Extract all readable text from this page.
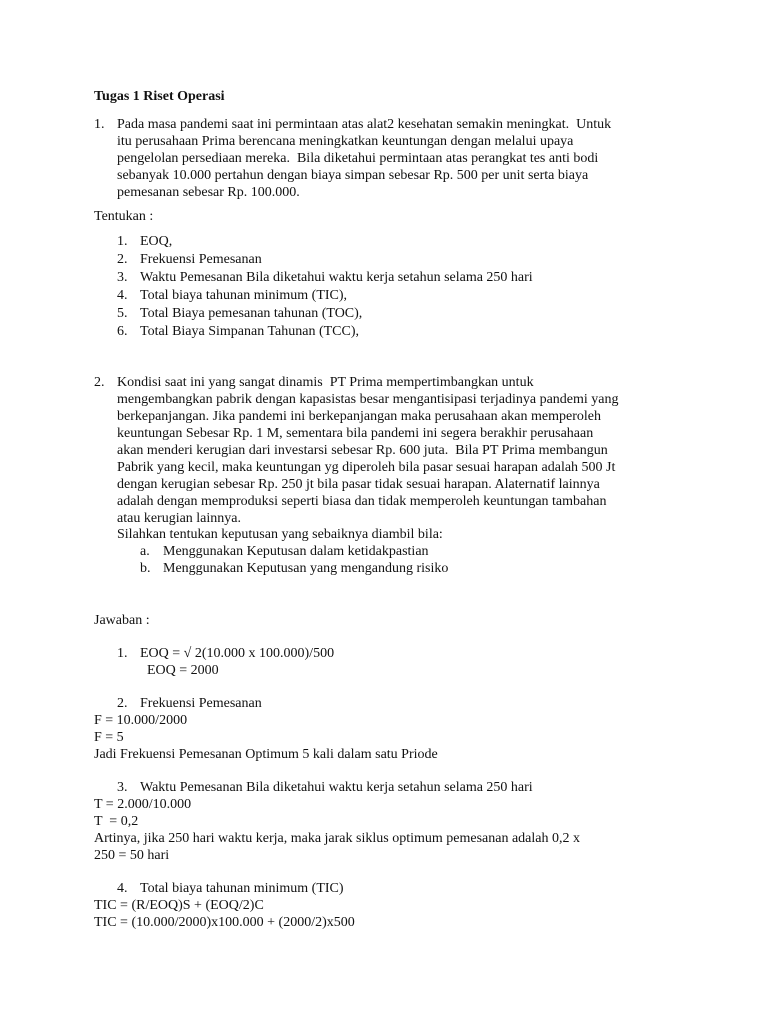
Tugas 1 Riset Operasi
1. Pada masa pandemi saat ini permintaan atas alat2 kesehatan semakin meningkat.  Untuk
itu perusahaan Prima berencana meningkatkan keuntungan dengan melalui upaya
pengelolan persediaan mereka.  Bila diketahui permintaan atas perangkat tes anti bodi
sebanyak 10.000 pertahun dengan biaya simpan sebesar Rp. 500 per unit serta biaya
pemesanan sebesar Rp. 100.000.
Tentukan :
1. EOQ,
2. Frekuensi Pemesanan
3. Waktu Pemesanan Bila diketahui waktu kerja setahun selama 250 hari
4. Total biaya tahunan minimum (TIC),
5. Total Biaya pemesanan tahunan (TOC),
6. Total Biaya Simpanan Tahunan (TCC),
2. Kondisi saat ini yang sangat dinamis  PT Prima mempertimbangkan untuk
mengembangkan pabrik dengan kapasistas besar mengantisipasi terjadinya pandemi yang
berkepanjangan. Jika pandemi ini berkepanjangan maka perusahaan akan memperoleh
keuntungan Sebesar Rp. 1 M, sementara bila pandemi ini segera berakhir perusahaan
akan menderi kerugian dari investarsi sebesar Rp. 600 juta.  Bila PT Prima membangun
Pabrik yang kecil, maka keuntungan yg diperoleh bila pasar sesuai harapan adalah 500 Jt
dengan kerugian sebesar Rp. 250 jt bila pasar tidak sesuai harapan. Alaternatif lainnya
adalah dengan memproduksi seperti biasa dan tidak memperoleh keuntungan tambahan
atau kerugian lainnya.
Silahkan tentukan keputusan yang sebaiknya diambil bila:
a. Menggunakan Keputusan dalam ketidakpastian
b. Menggunakan Keputusan yang mengandung risiko
Jawaban :
1. EOQ = √ 2(10.000 x 100.000)/500
EOQ = 2000
2. Frekuensi Pemesanan
F = 10.000/2000
F = 5
Jadi Frekuensi Pemesanan Optimum 5 kali dalam satu Priode
3. Waktu Pemesanan Bila diketahui waktu kerja setahun selama 250 hari
T = 2.000/10.000
T  = 0,2
Artinya, jika 250 hari waktu kerja, maka jarak siklus optimum pemesanan adalah 0,2 x
250 = 50 hari
4. Total biaya tahunan minimum (TIC)
TIC = (R/EOQ)S + (EOQ/2)C
TIC = (10.000/2000)x100.000 + (2000/2)x500
